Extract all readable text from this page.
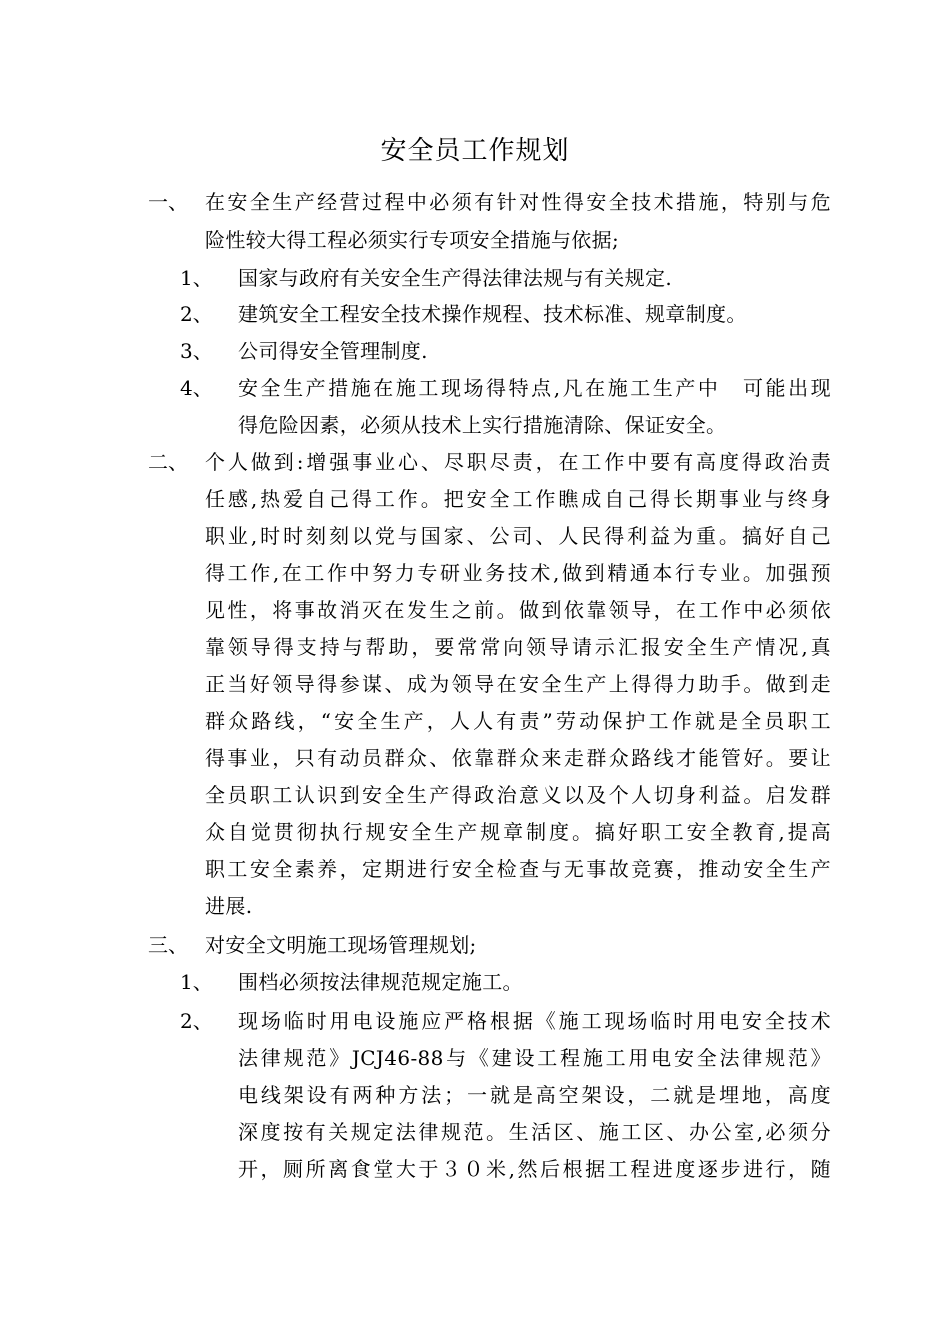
安全员工作规划
一、 在安全生产经营过程中必须有针对性得安全技术措施，特别与危
险性较大得工程必须实行专项安全措施与依据;
1、 国家与政府有关安全生产得法律法规与有关规定.
2、 建筑安全工程安全技术操作规程、技术标准、规章制度。
3、 公司得安全管理制度.
4、 安全生产措施在施工现场得特点,凡在施工生产中　可能出现
得危险因素，必须从技术上实行措施清除、保证安全。
二、 个人做到:增强事业心、尽职尽责，在工作中要有高度得政治责
任感,热爱自己得工作。把安全工作瞧成自己得长期事业与终身
职业,时时刻刻以党与国家、公司、人民得利益为重。搞好自己
得工作,在工作中努力专研业务技术,做到精通本行专业。加强预
见性，将事故消灭在发生之前。做到依靠领导，在工作中必须依
靠领导得支持与帮助，要常常向领导请示汇报安全生产情况,真
正当好领导得参谋、成为领导在安全生产上得得力助手。做到走
群众路线，“安全生产，人人有责”劳动保护工作就是全员职工
得事业，只有动员群众、依靠群众来走群众路线才能管好。要让
全员职工认识到安全生产得政治意义以及个人切身利益。启发群
众自觉贯彻执行规安全生产规章制度。搞好职工安全教育,提高
职工安全素养，定期进行安全检查与无事故竞赛，推动安全生产
进展.
三、 对安全文明施工现场管理规划;
1、 围档必须按法律规范规定施工。
2、 现场临时用电设施应严格根据《施工现场临时用电安全技术
法律规范》JCJ46-88与《建设工程施工用电安全法律规范》
电线架设有两种方法；一就是高空架设，二就是埋地，高度
深度按有关规定法律规范。生活区、施工区、办公室,必须分
开，厕所离食堂大于３０米,然后根据工程进度逐步进行，随
